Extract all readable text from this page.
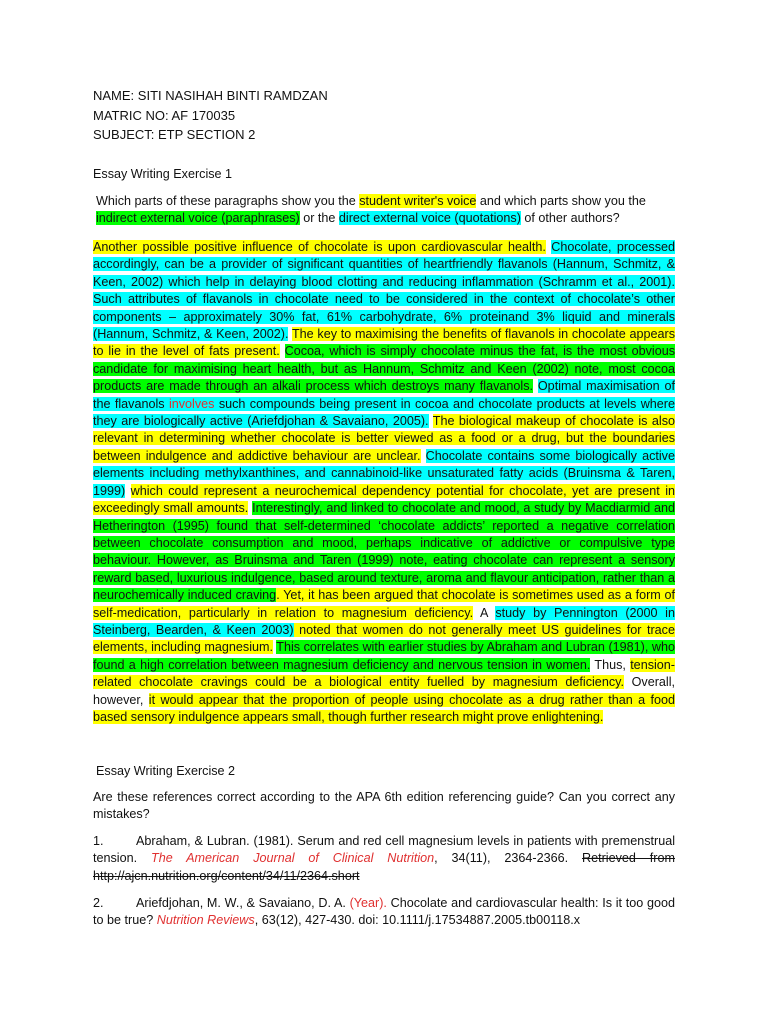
NAME: SITI NASIHAH BINTI RAMDZAN
MATRIC NO: AF 170035
SUBJECT: ETP SECTION 2
Essay Writing Exercise 1
Which parts of these paragraphs show you the student writer's voice and which parts show you the indirect external voice (paraphrases) or the direct external voice (quotations) of other authors?
Another possible positive influence of chocolate is upon cardiovascular health. Chocolate, processed accordingly, can be a provider of significant quantities of heartfriendly flavanols (Hannum, Schmitz, & Keen, 2002) which help in delaying blood clotting and reducing inflammation (Schramm et al., 2001). Such attributes of flavanols in chocolate need to be considered in the context of chocolate’s other components – approximately 30% fat, 61% carbohydrate, 6% proteinand 3% liquid and minerals (Hannum, Schmitz, & Keen, 2002). The key to maximising the benefits of flavanols in chocolate appears to lie in the level of fats present. Cocoa, which is simply chocolate minus the fat, is the most obvious candidate for maximising heart health, but as Hannum, Schmitz and Keen (2002) note, most cocoa products are made through an alkali process which destroys many flavanols. Optimal maximisation of the flavanols involves such compounds being present in cocoa and chocolate products at levels where they are biologically active (Ariefdjohan & Savaiano, 2005). The biological makeup of chocolate is also relevant in determining whether chocolate is better viewed as a food or a drug, but the boundaries between indulgence and addictive behaviour are unclear. Chocolate contains some biologically active elements including methylxanthines, and cannabinoid-like unsaturated fatty acids (Bruinsma & Taren, 1999) which could represent a neurochemical dependency potential for chocolate, yet are present in exceedingly small amounts. Interestingly, and linked to chocolate and mood, a study by Macdiarmid and Hetherington (1995) found that self-determined ‘chocolate addicts’ reported a negative correlation between chocolate consumption and mood, perhaps indicative of addictive or compulsive type behaviour. However, as Bruinsma and Taren (1999) note, eating chocolate can represent a sensory reward based, luxurious indulgence, based around texture, aroma and flavour anticipation, rather than a neurochemically induced craving. Yet, it has been argued that chocolate is sometimes used as a form of self-medication, particularly in relation to magnesium deficiency. A study by Pennington (2000 in Steinberg, Bearden, & Keen 2003) noted that women do not generally meet US guidelines for trace elements, including magnesium. This correlates with earlier studies by Abraham and Lubran (1981), who found a high correlation between magnesium deficiency and nervous tension in women. Thus, tension-related chocolate cravings could be a biological entity fuelled by magnesium deficiency. Overall, however, it would appear that the proportion of people using chocolate as a drug rather than a food based sensory indulgence appears small, though further research might prove enlightening.
Essay Writing Exercise 2
Are these references correct according to the APA 6th edition referencing guide? Can you correct any mistakes?
1.	Abraham, & Lubran. (1981). Serum and red cell magnesium levels in patients with premenstrual tension. The American Journal of Clinical Nutrition, 34(11), 2364-2366. Retrieved from http://ajcn.nutrition.org/content/34/11/2364.short
2.	Ariefdjohan, M. W., & Savaiano, D. A. (Year). Chocolate and cardiovascular health: Is it too good to be true? Nutrition Reviews, 63(12), 427-430. doi: 10.1111/j.17534887.2005.tb00118.x
